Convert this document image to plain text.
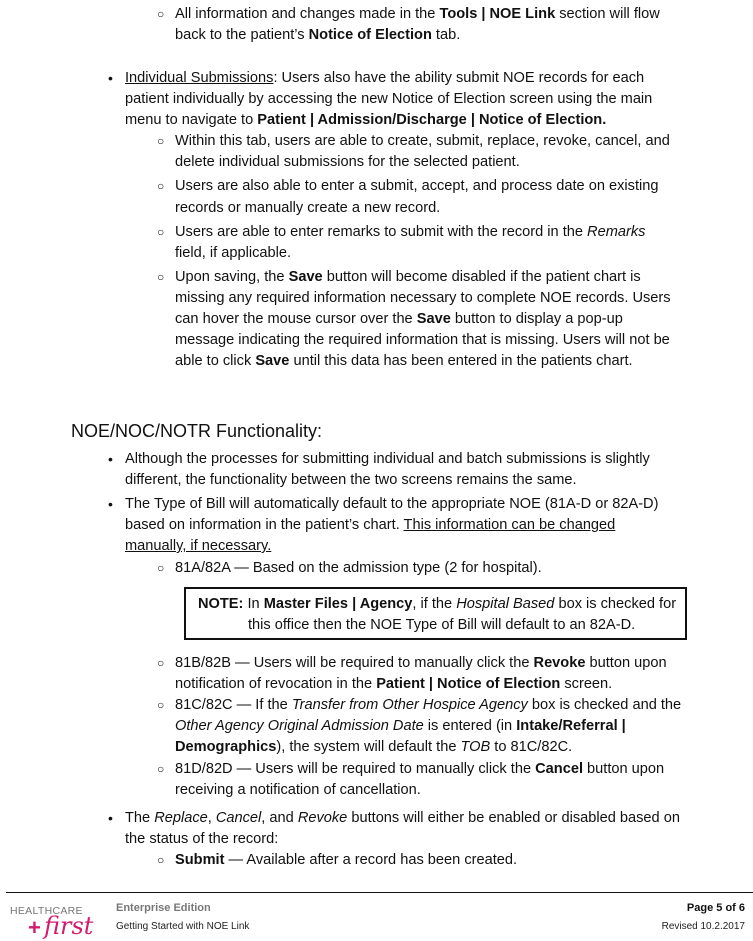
○ All information and changes made in the Tools | NOE Link section will flow
back to the patient’s Notice of Election tab.
• Individual Submissions: Users also have the ability submit NOE records for each
patient individually by accessing the new Notice of Election screen using the main
menu to navigate to Patient | Admission/Discharge | Notice of Election.
○ Within this tab, users are able to create, submit, replace, revoke, cancel, and
delete individual submissions for the selected patient.
○ Users are also able to enter a submit, accept, and process date on existing
records or manually create a new record.
○ Users are able to enter remarks to submit with the record in the Remarks
field, if applicable.
○ Upon saving, the Save button will become disabled if the patient chart is
missing any required information necessary to complete NOE records. Users
can hover the mouse cursor over the Save button to display a pop-up
message indicating the required information that is missing. Users will not be
able to click Save until this data has been entered in the patients chart.
NOE/NOC/NOTR Functionality:
• Although the processes for submitting individual and batch submissions is slightly
different, the functionality between the two screens remains the same.
• The Type of Bill will automatically default to the appropriate NOE (81A-D or 82A-D)
based on information in the patient’s chart. This information can be changed
manually, if necessary.
○ 81A/82A — Based on the admission type (2 for hospital).
NOTE: In Master Files | Agency, if the Hospital Based box is checked for
this office then the NOE Type of Bill will default to an 82A-D.
○ 81B/82B — Users will be required to manually click the Revoke button upon
notification of revocation in the Patient | Notice of Election screen.
○ 81C/82C — If the Transfer from Other Hospice Agency box is checked and the
Other Agency Original Admission Date is entered (in Intake/Referral |
Demographics), the system will default the TOB to 81C/82C.
○ 81D/82D — Users will be required to manually click the Cancel button upon
receiving a notification of cancellation.
• The Replace, Cancel, and Revoke buttons will either be enabled or disabled based on
the status of the record:
○ Submit — Available after a record has been created.
HEALTHCARE
+ first
Enterprise Edition
Getting Started with NOE Link
Page 5 of 6
Revised 10.2.2017
